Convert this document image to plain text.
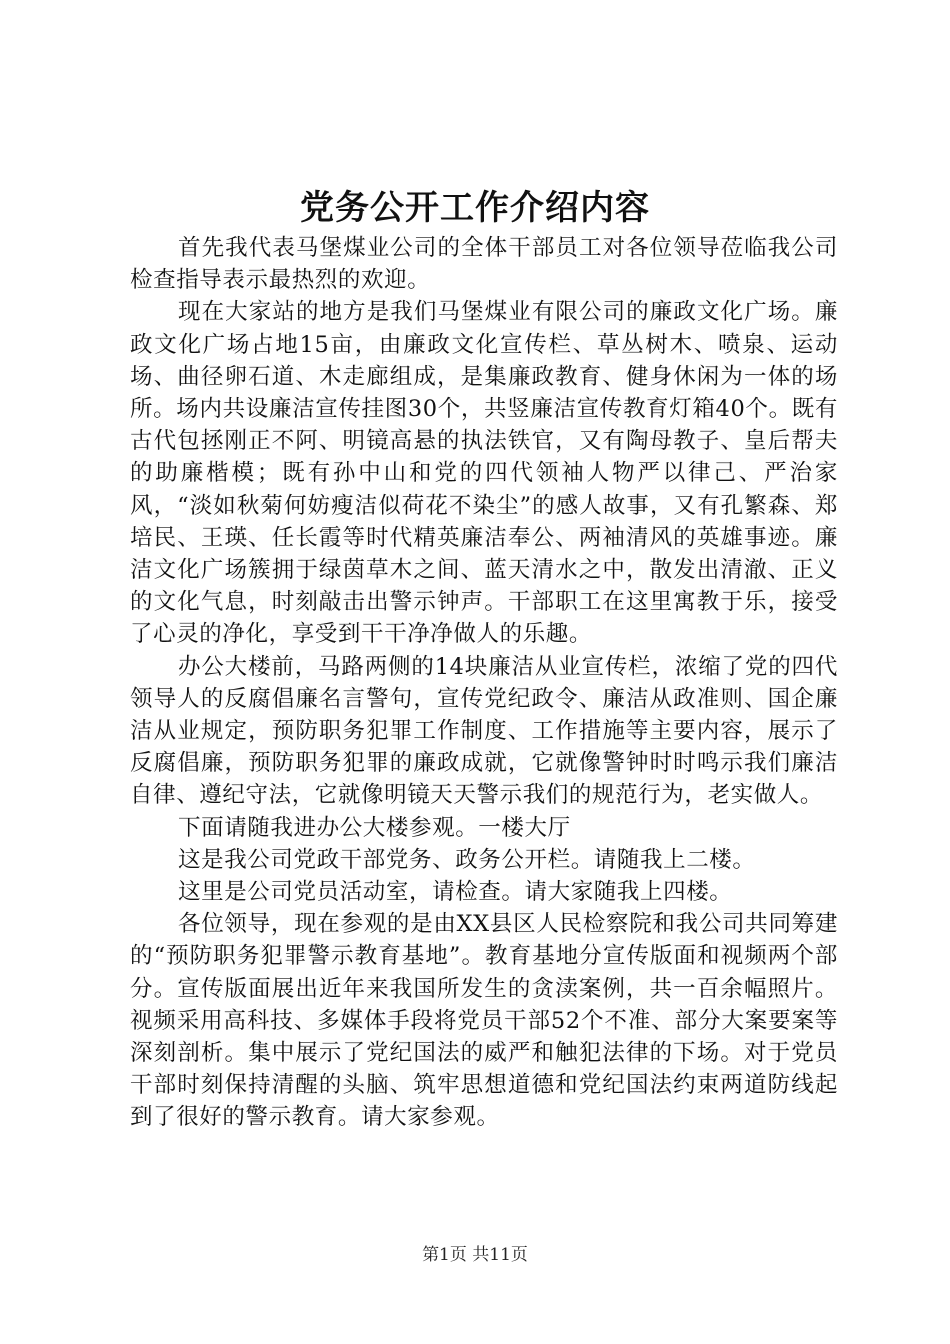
党务公开工作介绍内容

首先我代表马堡煤业公司的全体干部员工对各位领导莅临我公司检查指导表示最热烈的欢迎。

现在大家站的地方是我们马堡煤业有限公司的廉政文化广场。廉政文化广场占地15亩，由廉政文化宣传栏、草丛树木、喷泉、运动场、曲径卵石道、木走廊组成，是集廉政教育、健身休闲为一体的场所。场内共设廉洁宣传挂图30个，共竖廉洁宣传教育灯箱40个。既有古代包拯刚正不阿、明镜高悬的执法铁官，又有陶母教子、皇后帮夫的助廉楷模；既有孙中山和党的四代领袖人物严以律己、严治家风，“淡如秋菊何妨瘦洁似荷花不染尘”的感人故事，又有孔繁森、郑培民、王瑛、任长霞等时代精英廉洁奉公、两袖清风的英雄事迹。廉洁文化广场簇拥于绿茵草木之间、蓝天清水之中，散发出清澈、正义的文化气息，时刻敲击出警示钟声。干部职工在这里寓教于乐，接受了心灵的净化，享受到干干净净做人的乐趣。

办公大楼前，马路两侧的14块廉洁从业宣传栏，浓缩了党的四代领导人的反腐倡廉名言警句，宣传党纪政令、廉洁从政准则、国企廉洁从业规定，预防职务犯罪工作制度、工作措施等主要内容，展示了反腐倡廉，预防职务犯罪的廉政成就，它就像警钟时时鸣示我们廉洁自律、遵纪守法，它就像明镜天天警示我们的规范行为，老实做人。

下面请随我进办公大楼参观。一楼大厅

这是我公司党政干部党务、政务公开栏。请随我上二楼。

这里是公司党员活动室，请检查。请大家随我上四楼。

各位领导，现在参观的是由XX县区人民检察院和我公司共同筹建的“预防职务犯罪警示教育基地”。教育基地分宣传版面和视频两个部分。宣传版面展出近年来我国所发生的贪渎案例，共一百余幅照片。视频采用高科技、多媒体手段将党员干部52个不准、部分大案要案等深刻剖析。集中展示了党纪国法的威严和触犯法律的下场。对于党员干部时刻保持清醒的头脑、筑牢思想道德和党纪国法约束两道防线起到了很好的警示教育。请大家参观。

第1页 共11页
